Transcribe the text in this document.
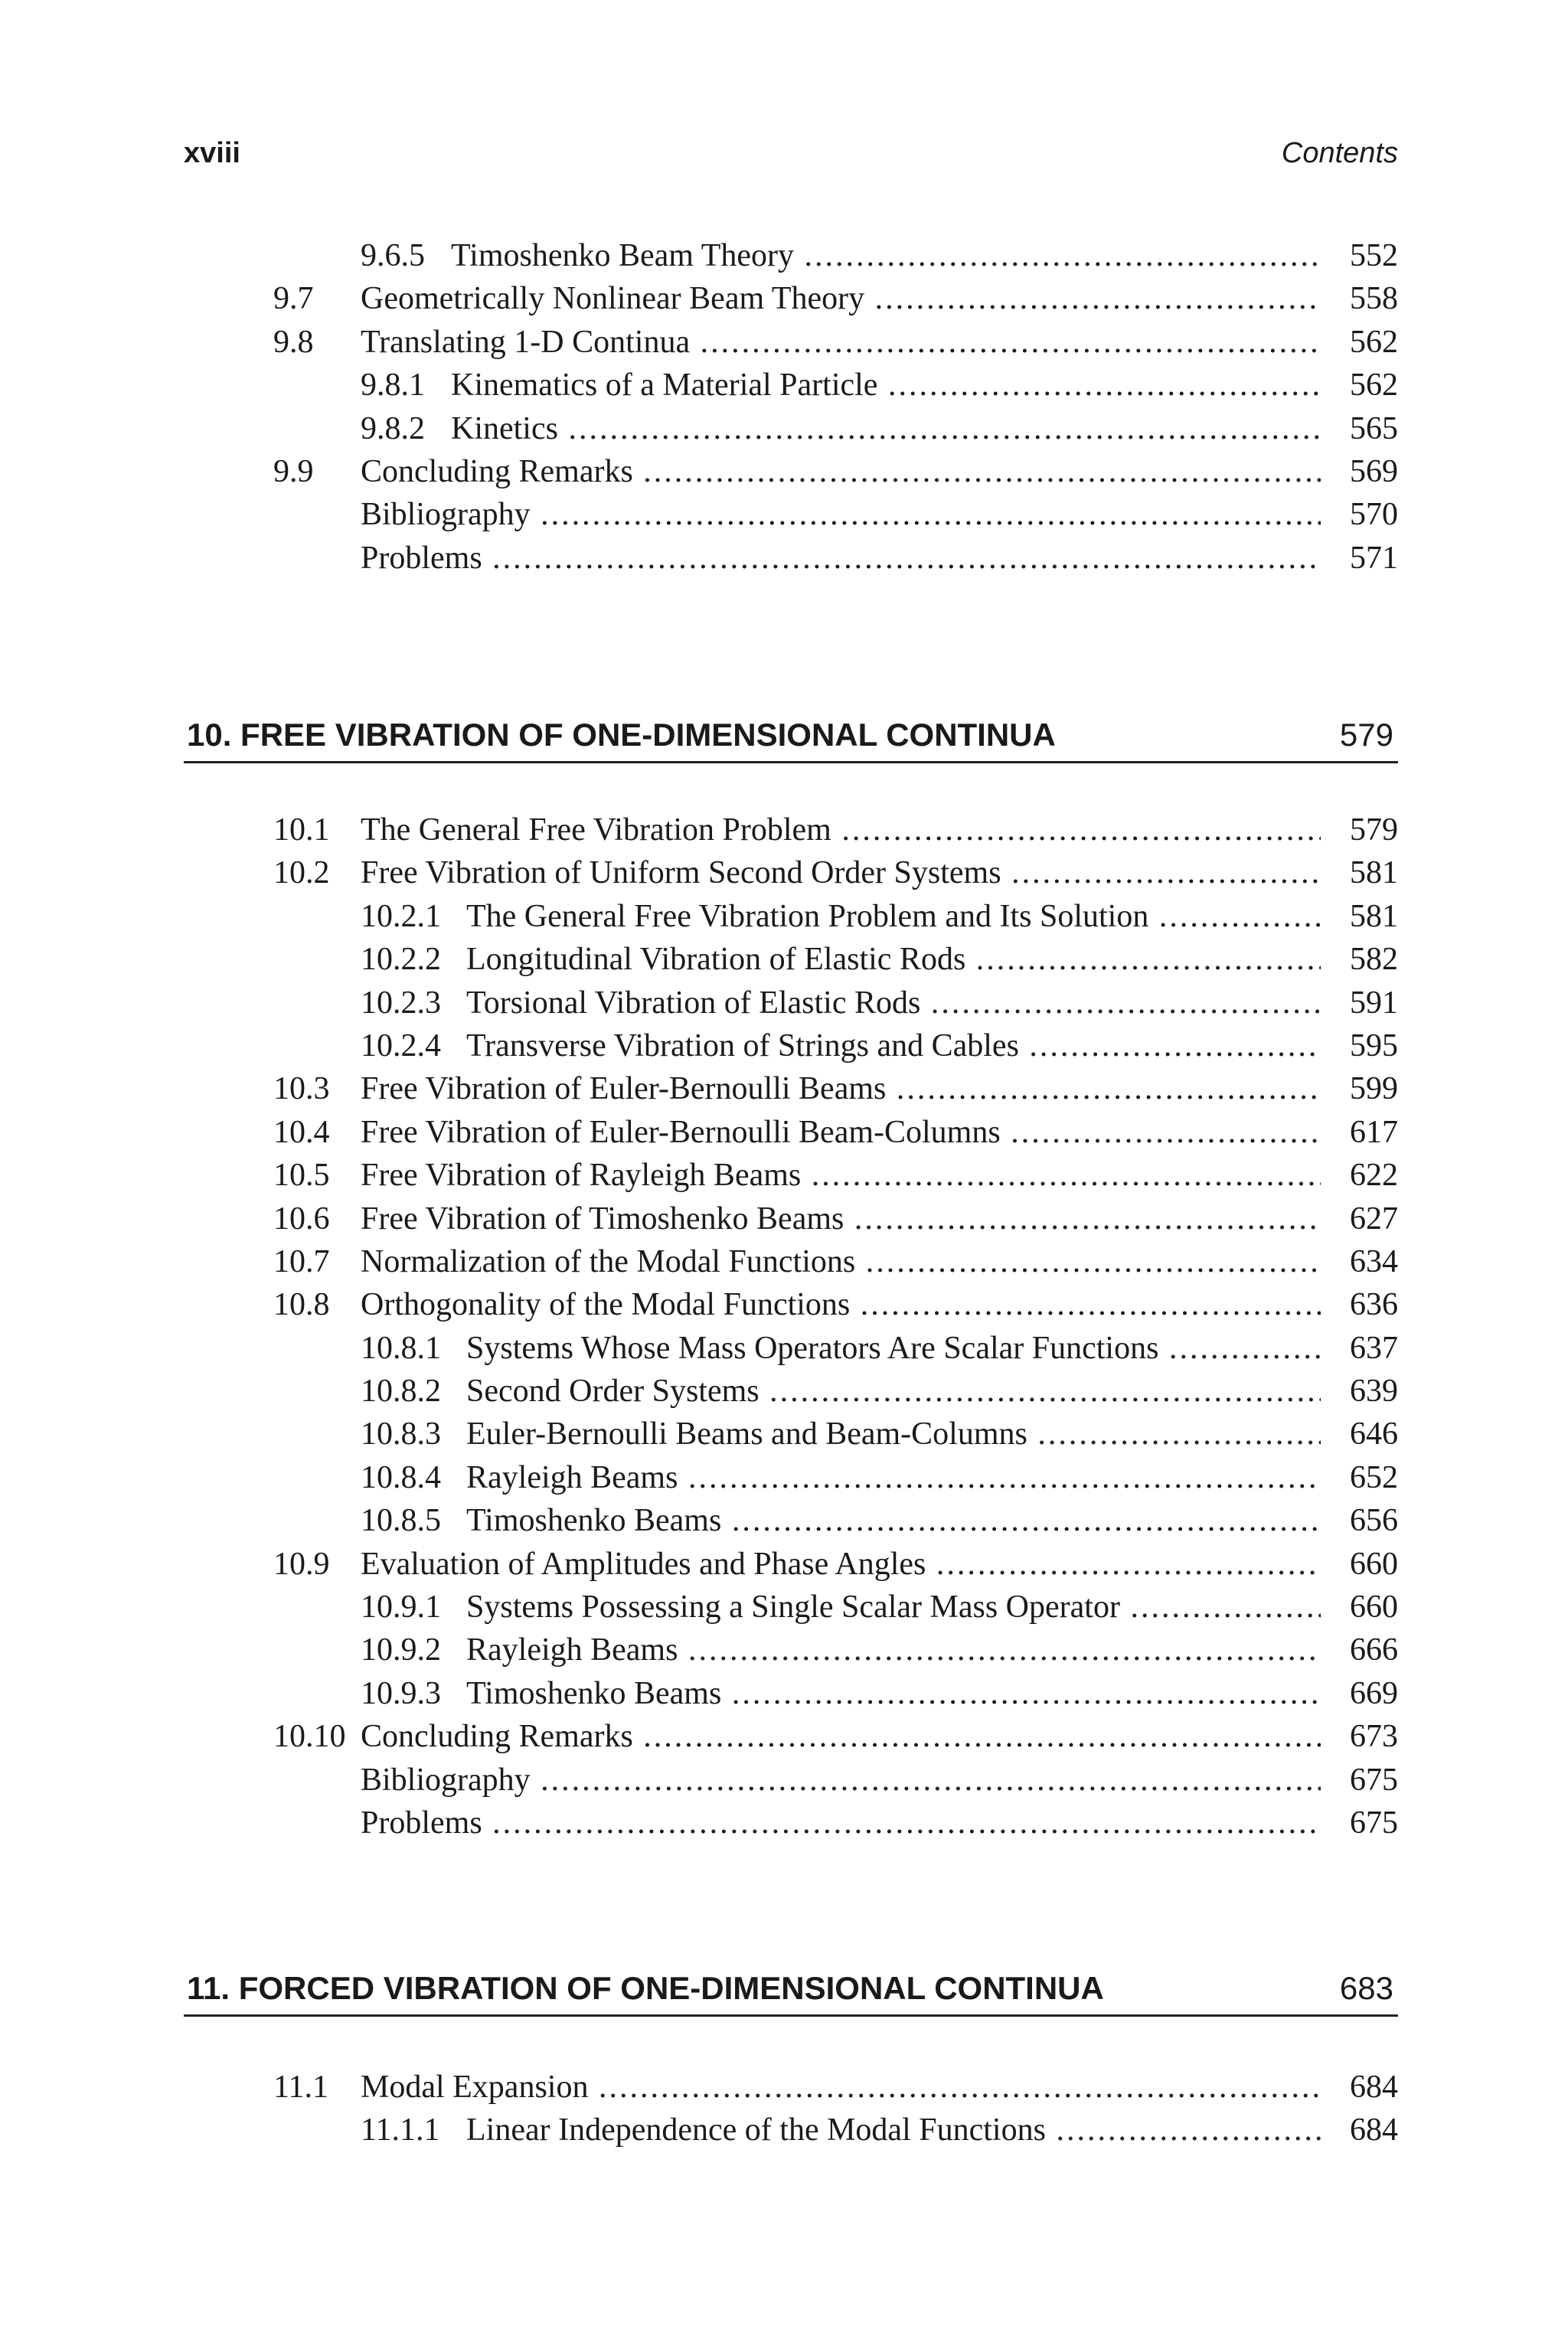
xviii	Contents
9.6.5 Timoshenko Beam Theory .....	552
9.7 Geometrically Nonlinear Beam Theory .....	558
9.8 Translating 1-D Continua .....	562
9.8.1 Kinematics of a Material Particle .....	562
9.8.2 Kinetics .....	565
9.9 Concluding Remarks .....	569
Bibliography .....	570
Problems .....	571
10. FREE VIBRATION OF ONE-DIMENSIONAL CONTINUA	579
10.1 The General Free Vibration Problem .....	579
10.2 Free Vibration of Uniform Second Order Systems .....	581
10.2.1 The General Free Vibration Problem and Its Solution .....	581
10.2.2 Longitudinal Vibration of Elastic Rods .....	582
10.2.3 Torsional Vibration of Elastic Rods .....	591
10.2.4 Transverse Vibration of Strings and Cables .....	595
10.3 Free Vibration of Euler-Bernoulli Beams .....	599
10.4 Free Vibration of Euler-Bernoulli Beam-Columns .....	617
10.5 Free Vibration of Rayleigh Beams .....	622
10.6 Free Vibration of Timoshenko Beams .....	627
10.7 Normalization of the Modal Functions .....	634
10.8 Orthogonality of the Modal Functions .....	636
10.8.1 Systems Whose Mass Operators Are Scalar Functions .....	637
10.8.2 Second Order Systems .....	639
10.8.3 Euler-Bernoulli Beams and Beam-Columns .....	646
10.8.4 Rayleigh Beams .....	652
10.8.5 Timoshenko Beams .....	656
10.9 Evaluation of Amplitudes and Phase Angles .....	660
10.9.1 Systems Possessing a Single Scalar Mass Operator .....	660
10.9.2 Rayleigh Beams .....	666
10.9.3 Timoshenko Beams .....	669
10.10 Concluding Remarks .....	673
Bibliography .....	675
Problems .....	675
11. FORCED VIBRATION OF ONE-DIMENSIONAL CONTINUA	683
11.1 Modal Expansion .....	684
11.1.1 Linear Independence of the Modal Functions .....	684
